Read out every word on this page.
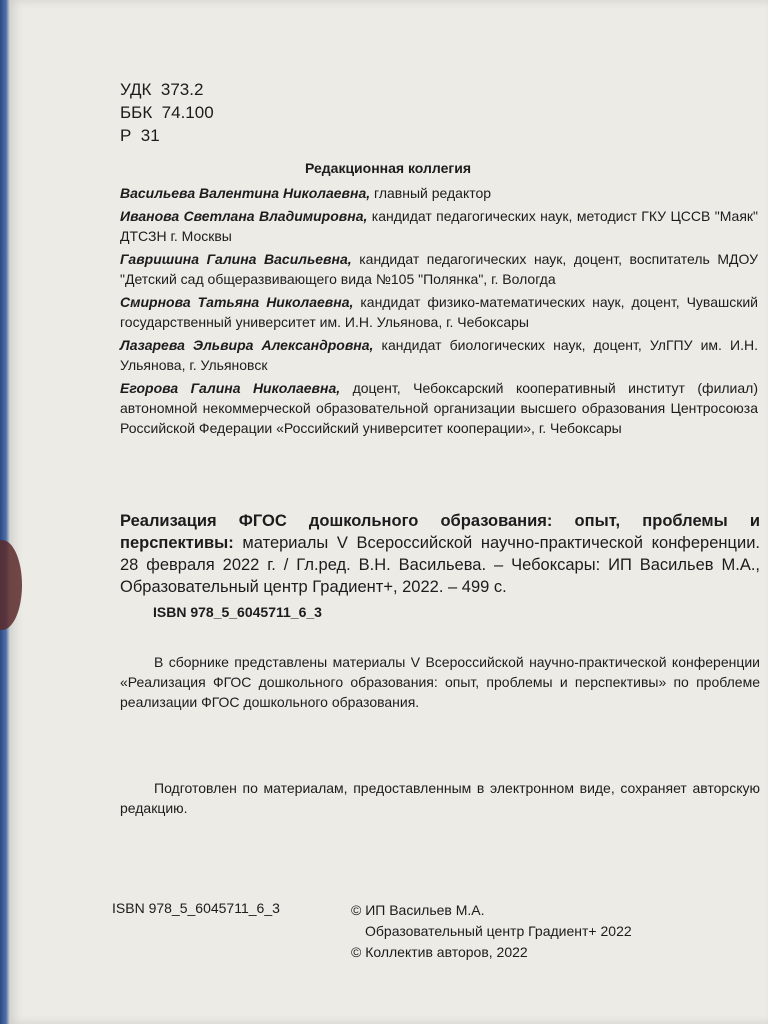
УДК  373.2
ББК  74.100
Р  31
Редакционная коллегия
Васильева Валентина Николаевна, главный редактор
Иванова Светлана Владимировна, кандидат педагогических наук, методист ГКУ ЦССВ "Маяк" ДТСЗН г. Москвы
Гавришина Галина Васильевна, кандидат педагогических наук, доцент, воспитатель МДОУ "Детский сад общеразвивающего вида №105 "Полянка", г. Вологда
Смирнова Татьяна Николаевна, кандидат физико-математических наук, доцент, Чувашский государственный университет им. И.Н. Ульянова, г. Чебоксары
Лазарева Эльвира Александровна, кандидат биологических наук, доцент, УлГПУ им. И.Н. Ульянова, г. Ульяновск
Егорова Галина Николаевна, доцент, Чебоксарский кооперативный институт (филиал) автономной некоммерческой образовательной организации высшего образования Центросоюза Российской Федерации «Российский университет кооперации», г. Чебоксары
Реализация ФГОС дошкольного образования: опыт, проблемы и перспективы: материалы V Всероссийской научно-практической конференции. 28 февраля 2022 г. / Гл.ред. В.Н. Васильева. – Чебоксары: ИП Васильев М.А., Образовательный центр Градиент+, 2022. – 499 с.
ISBN 978_5_6045711_6_3
В сборнике представлены материалы V Всероссийской научно-практической конференции «Реализация ФГОС дошкольного образования: опыт, проблемы и перспективы» по проблеме реализации ФГОС дошкольного образования.
Подготовлен по материалам, предоставленным в электронном виде, сохраняет авторскую редакцию.
ISBN 978_5_6045711_6_3	© ИП Васильев М.А.
Образовательный центр Градиент+ 2022
© Коллектив авторов, 2022
